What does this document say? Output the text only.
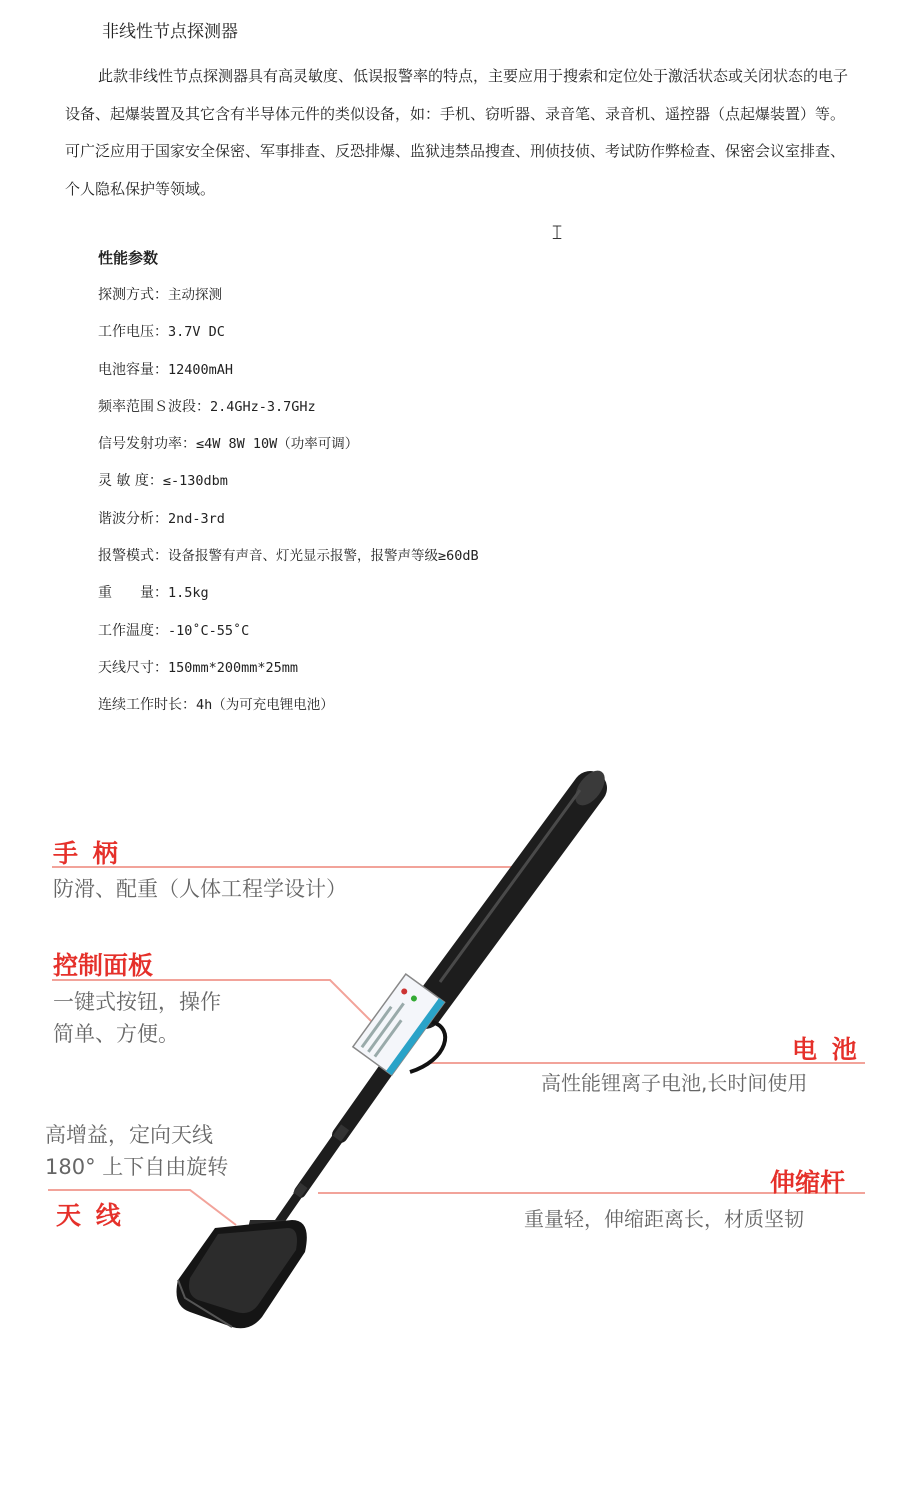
非线性节点探测器

此款非线性节点探测器具有高灵敏度、低误报警率的特点，主要应用于搜索和定位处于激活状态或关闭状态的电子设备、起爆装置及其它含有半导体元件的类似设备，如：手机、窃听器、录音笔、录音机、遥控器（点起爆装置）等。可广泛应用于国家安全保密、军事排查、反恐排爆、监狱违禁品搜查、刑侦技侦、考试防作弊检查、保密会议室排查、个人隐私保护等领域。

𝙸
性能参数
探测方式：主动探测
工作电压：3.7V DC
电池容量：12400mAH
频率范围Ｓ波段：2.4GHz-3.7GHz
信号发射功率：≤4W 8W 10W（功率可调）
灵 敏 度：≤-130dbm
谐波分析：2nd-3rd
报警模式：设备报警有声音、灯光显示报警，报警声等级≥60dB
重　　量：1.5kg
工作温度：-10˚C-55˚C
天线尺寸：150mm*200mm*25mm
连续工作时长：4h（为可充电锂电池）
手 柄
防滑、配重（人体工程学设计）
控制面板
一键式按钮，操作
简单、方便。
电 池
高性能锂离子电池,长时间使用
高增益，定向天线
180° 上下自由旋转
天 线
伸缩杆
重量轻，伸缩距离长，材质坚韧
